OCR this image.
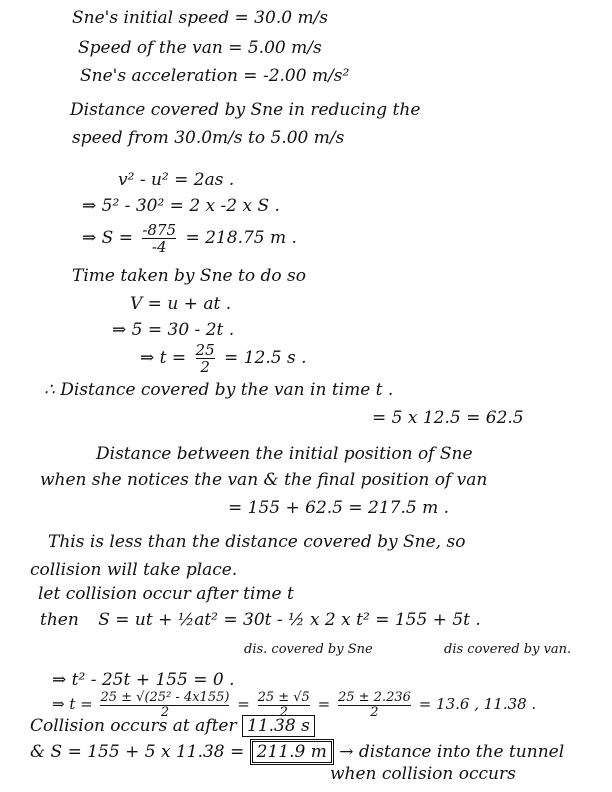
Sne's initial speed = 30.0 m/s
Speed of the van = 5.00 m/s
Sne's acceleration = -2.00 m/s²
Distance covered by Sne in reducing the
speed from 30.0m/s to 5.00 m/s
v² - u² = 2as .
⇒ 5² - 30² = 2 x -2 x S .
⇒ $S = \frac{-875}{-4} = 218.75$ m .
Time taken by Sne to do so
V = u + at .
⇒ 5 = 30 - 2t .
⇒ $t = \frac{25}{2} = 12.5$ s .
∴ Distance covered by the van in time t .
= 5 x 12.5 = 62.5
Distance between the initial position of Sne
when she notices the van & the final position of van
= 155 + 62.5 = 217.5 m .
This is less than the distance covered by Sne, so
collision will take place.
let collision occur after time t
then S = ut + ½at² = 30t - ½ x 2 x t² = 155 + 5t .
dis. covered by Sne	dis covered by van.
⇒ t² - 25t + 155 = 0 .
⇒ $t = \frac{\text{25 ± √(25² - 4x155)}}{2} = \frac{25 \pm √5}{2} = \frac{25 \pm 2.236}{2} = 13.6$ , 11.38 .
Collision occurs at after 11.38 s
& S = 155 + 5 x 11.38 = 211.9 m → distance into the tunnel
when collision occurs
